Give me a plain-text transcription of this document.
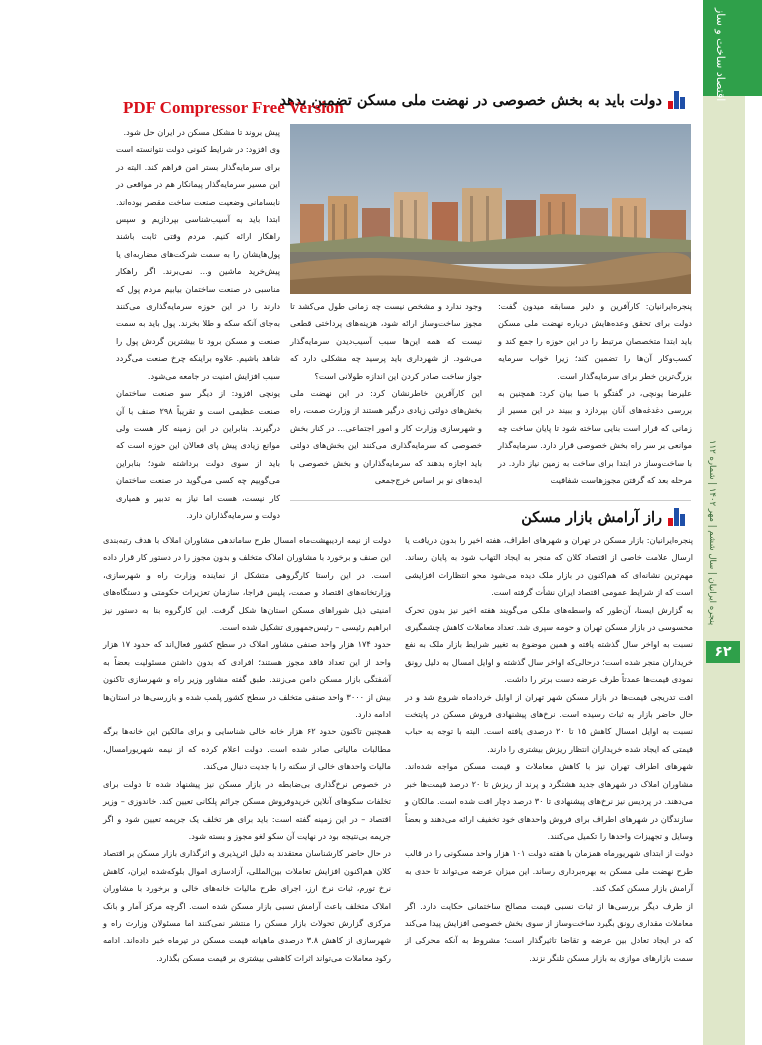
اقتصاد ساخت و ساز
پنجره ایرانیان | سال ششم | مهر ۱۴۰۲ | شماره ۱۱۲
۶۲
دولت باید به بخش خصوصی در نهضت ملی مسکن تضمین بدهد
PDF Compressor Free Version

پیش بروند تا مشکل مسکن در ایران حل شود.

وی افزود: در شرایط کنونی دولت نتوانسته است برای سرمایه‌گذار بستر امن فراهم کند. البته در این مسیر سرمایه‌گذار پیمانکار هم در مواقعی در نابسامانی وضعیت صنعت ساخت مقصر بوده‌اند. ابتدا باید به آسیب‌شناسی بپردازیم و سپس راهکار ارائه کنیم. مردم وقتی ثابت باشند پول‌هایشان را به سمت شرکت‌های مضاربه‌ای یا پیش‌خرید ماشین و... نمی‌برند. اگر راهکار مناسبی در صنعت ساختمان بیابیم مردم پول که دارند را در این حوزه سرمایه‌گذاری می‌کنند به‌جای آنکه سکه و طلا بخرند. پول باید به سمت صنعت و مسکن برود تا بیشترین گردش پول را شاهد باشیم. علاوه براینکه چرخ صنعت می‌گردد سبب افزایش امنیت در جامعه می‌شود.

یونچی افزود: از دیگر سو صنعت ساختمان صنعت عظیمی است و تقریباً ۲۹۸ صنف با آن درگیرند. بنابراین در این زمینه کار هست ولی موانع زیادی پیش پای فعالان این حوزه است که باید از سوی دولت برداشته شود؛ بنابراین می‌گوییم چه کسی می‌گوید در صنعت ساختمان کار نیست، هست اما نیاز به تدبیر و همیاری دولت و سرمایه‌گذاران دارد.

وجود ندارد و مشخص نیست چه زمانی طول می‌کشد تا مجوز ساخت‌وساز ارائه شود، هزینه‌های پرداختی قطعی نیست که همه این‌ها سبب آسیب‌دیدن سرمایه‌گذار می‌شود. از شهرداری باید پرسید چه مشکلی دارد که جواز ساخت صادر کردن این اندازه طولانی است؟

این کارآفرین خاطرنشان کرد: در این نهضت ملی بخش‌های دولتی زیادی درگیر هستند از وزارت صمت، راه و شهرسازی وزارت کار و امور اجتماعی... در کنار بخش خصوصی که سرمایه‌گذاری می‌کنند این بخش‌های دولتی باید اجازه بدهند که سرمایه‌گذاران و بخش خصوصی با ایده‌های نو بر اساس خرج‌جمعی

پنجره‌ایرانیان: کارآفرین و دلیر مسابقه میدون گفت: دولت برای تحقق وعده‌هایش درباره نهضت ملی مسکن باید ابتدا متخصصان مرتبط را در این حوزه را جمع کند و کسب‌وکار آن‌ها را تضمین کند؛ زیرا خواب سرمایه بزرگ‌ترین خطر برای سرمایه‌گذار است.

علیرضا یونچی، در گفتگو با صبا بیان کرد: همچنین به بررسی دغدغه‌های آنان بپردازد و ببیند در این مسیر از زمانی که قرار است بنایی ساخته شود تا پایان ساخت چه موانعی بر سر راه بخش خصوصی قرار دارد. سرمایه‌گذار با ساخت‌وساز در ابتدا برای ساخت به زمین نیاز دارد. در مرحله بعد که گرفتن مجوزهاست شفافیت

راز آرامش بازار مسکن

پنجره‌ایرانیان: بازار مسکن در تهران و شهرهای اطراف، هفته اخیر را بدون دریافت یا ارسال علامت خاصی از اقتصاد کلان که منجر به ایجاد التهاب شود به پایان رساند. مهم‌ترین نشانه‌ای که هم‌اکنون در بازار ملک دیده می‌شود محو انتظارات افزایشی است که از شرایط عمومی اقتصاد ایران نشأت گرفته است.

به گزارش ایسنا، آن‌طور که واسطه‌های ملکی می‌گویند هفته اخیر نیز بدون تحرک محسوسی در بازار مسکن تهران و حومه سپری شد. تعداد معاملات کاهش چشمگیری نسبت به اواخر سال گذشته یافته و همین موضوع به تغییر شرایط بازار ملک به نفع خریداران منجر شده است؛ درحالی‌که اواخر سال گذشته و اوایل امسال به دلیل رونق نمودی قیمت‌ها عمدتاً طرف عرضه دست برتر را داشت.

افت تدریجی قیمت‌ها در بازار مسکن شهر تهران از اوایل خردادماه شروع شد و در حال حاضر بازار به ثبات رسیده است. نرخ‌های پیشنهادی فروش مسکن در پایتخت نسبت به اوایل امسال کاهش ۱۵ تا ۲۰ درصدی یافته است. البته با توجه به حباب قیمتی که ایجاد شده خریداران انتظار ریزش بیشتری را دارند.

شهرهای اطراف تهران نیز با کاهش معاملات و قیمت مسکن مواجه شده‌اند. مشاوران املاک در شهرهای جدید هشتگرد و پرند از ریزش تا ۲۰ درصد قیمت‌ها خبر می‌دهند. در پردیس نیز نرخ‌های پیشنهادی تا ۳۰ درصد دچار افت شده است. مالکان و سازندگان در شهرهای اطراف برای فروش واحدهای خود تخفیف ارائه می‌دهند و بعضاً وسایل و تجهیزات واحدها را تکمیل می‌کنند.

دولت از ابتدای شهریورماه همزمان با هفته دولت ۱۰۱ هزار واحد مسکونی را در قالب طرح نهضت ملی مسکن به بهره‌برداری رساند. این میزان عرضه می‌تواند تا حدی به آرامش بازار مسکن کمک کند.

از طرف دیگر بررسی‌ها از ثبات نسبی قیمت مصالح ساختمانی حکایت دارد. اگر معاملات مقداری رونق بگیرد ساخت‌وساز از سوی بخش خصوصی افزایش پیدا می‌کند که در ایجاد تعادل بین عرضه و تقاضا تاثیرگذار است؛ مشروط به آنکه محرکی از سمت بازارهای موازی به بازار مسکن تلنگر نزند.

دولت از نیمه اردیبهشت‌ماه امسال طرح ساماندهی مشاوران املاک با هدف رتبه‌بندی این صنف و برخورد با مشاوران املاک متخلف و بدون مجوز را در دستور کار قرار داده است. در این راستا کارگروهی متشکل از نماینده وزارت راه و شهرسازی، وزارتخانه‌های اقتصاد و صمت، پلیس فراجا، سازمان تعزیرات حکومتی و دستگاه‌های امنیتی ذیل شوراهای مسکن استان‌ها شکل گرفت. این کارگروه بنا به دستور نیز ابراهیم رئیسی – رئیس‌جمهوری تشکیل شده است.

حدود ۱۷۴ هزار واحد صنفی مشاور املاک در سطح کشور فعال‌اند که حدود ۱۷ هزار واحد از این تعداد فاقد مجوز هستند؛ افرادی که بدون داشتن مسئولیت بعضاً به آشفتگی بازار مسکن دامن می‌زنند. طبق گفته مشاور وزیر راه و شهرسازی تاکنون بیش از ۳۰۰۰ واحد صنفی متخلف در سطح کشور پلمب شده و بازرسی‌ها در استان‌ها ادامه دارد.

همچنین تاکنون حدود ۶۲ هزار خانه خالی شناسایی و برای مالکین این خانه‌ها برگه مطالبات مالیاتی صادر شده است. دولت اعلام کرده که از نیمه شهریورامسال، مالیات واحدهای خالی از سکنه را با جدیت دنبال می‌کند.

در خصوص نرخ‌گذاری بی‌ضابطه در بازار مسکن نیز پیشنهاد شده تا دولت برای تخلفات سکوهای آنلاین خریدوفروش مسکن جرائم پلکانی تعیین کند. خاندوزی – وزیر اقتصاد – در این زمینه گفته است: باید برای هر تخلف یک جریمه تعیین شود و اگر جریمه بی‌نتیجه بود در نهایت آن سکو لغو مجوز و بسته شود.

در حال حاضر کارشناسان معتقدند به دلیل اثرپذیری و اثرگذاری بازار مسکن بر اقتصاد کلان هم‌اکنون افزایش تعاملات بین‌المللی، آزادسازی اموال بلوکه‌شده ایران، کاهش نرخ تورم، ثبات نرخ ارز، اجرای طرح مالیات خانه‌های خالی و برخورد با مشاوران املاک متخلف باعث آرامش نسبی بازار مسکن شده است. اگرچه مرکز آمار و بانک مرکزی گزارش تحولات بازار مسکن را منتشر نمی‌کنند اما مسئولان وزارت راه و شهرسازی از کاهش ۳.۸ درصدی ماهیانه قیمت مسکن در تیرماه خبر داده‌اند. ادامه رکود معاملات می‌تواند اثرات کاهشی بیشتری بر قیمت مسکن بگذارد.
